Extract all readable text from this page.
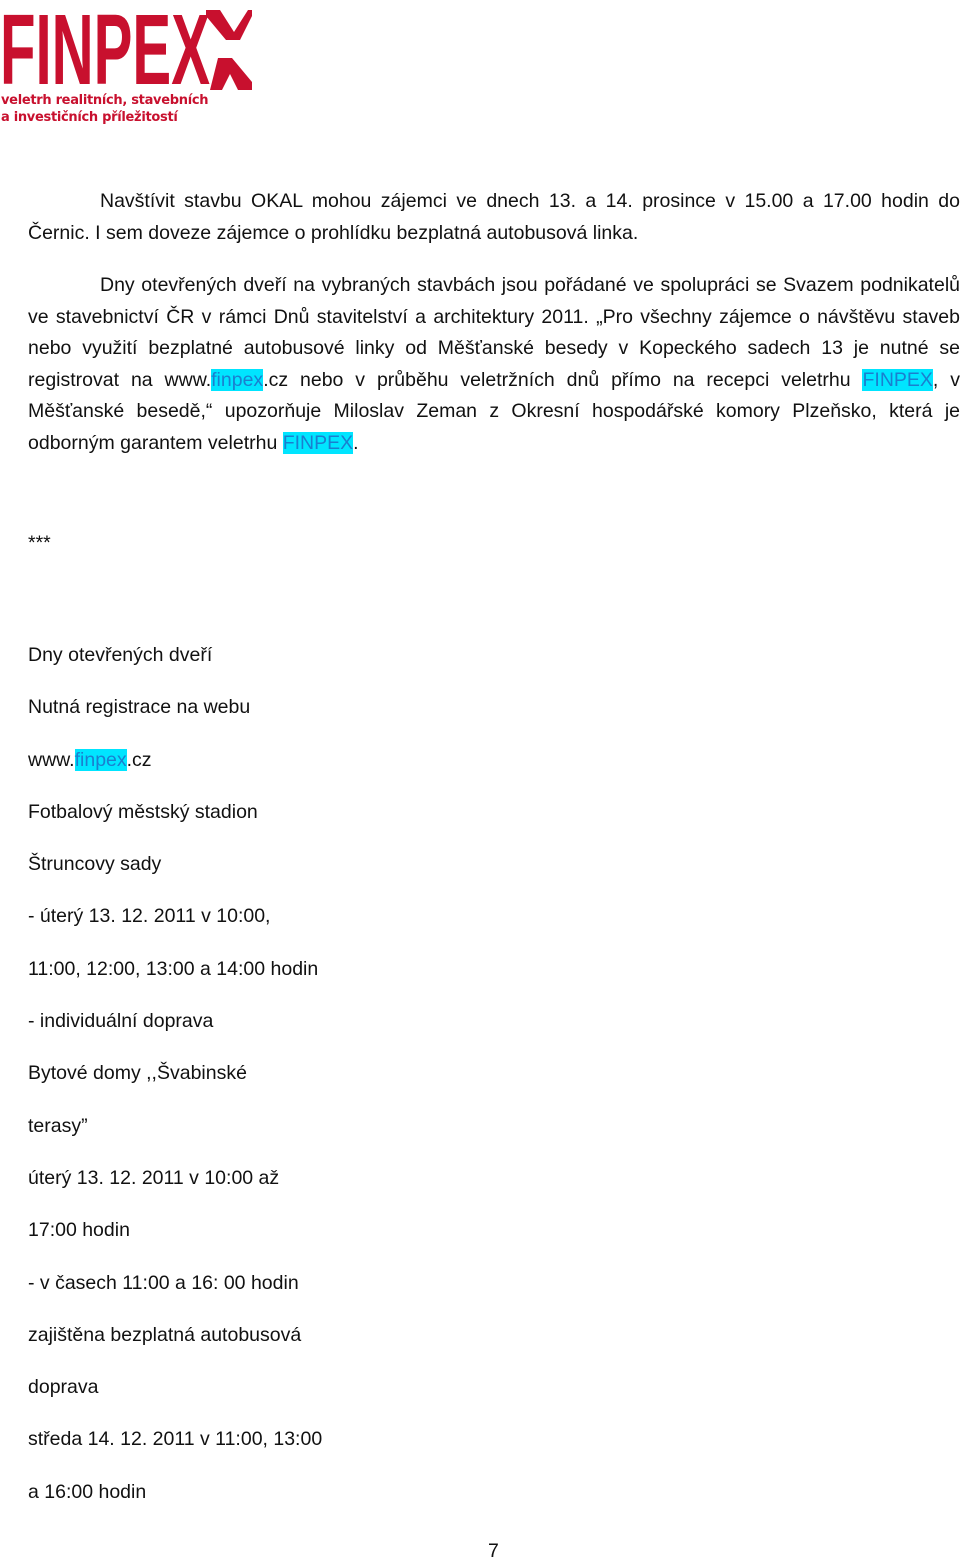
FINPEX
veletrh realitních, stavebních
a investičních příležitostí
Navštívit stavbu OKAL mohou zájemci ve dnech 13. a 14. prosince v 15.00 a 17.00 hodin do Černic. I sem doveze zájemce o prohlídku bezplatná autobusová linka.
Dny otevřených dveří na vybraných stavbách jsou pořádané ve spolupráci se Svazem podnikatelů ve stavebnictví ČR v rámci Dnů stavitelství a architektury 2011. „Pro všechny zájemce o návštěvu staveb nebo využití bezplatné autobusové linky od Měšťanské besedy v Kopeckého sadech 13 je nutné se registrovat na www.finpex.cz nebo v průběhu veletržních dnů přímo na recepci veletrhu FINPEX, v Měšťanské besedě,“ upozorňuje Miloslav Zeman z Okresní hospodářské komory Plzeňsko, která je odborným garantem veletrhu FINPEX.
***
Dny otevřených dveří
Nutná registrace na webu
www.finpex.cz
Fotbalový městský stadion
Štruncovy sady
- úterý 13. 12. 2011 v 10:00,
11:00, 12:00, 13:00 a 14:00 hodin
- individuální doprava
Bytové domy ,,Švabinské
terasy”
úterý 13. 12. 2011 v 10:00 až
17:00 hodin
- v časech 11:00 a 16: 00 hodin
zajištěna bezplatná autobusová
doprava
středa 14. 12. 2011 v 11:00, 13:00
a 16:00 hodin
7
